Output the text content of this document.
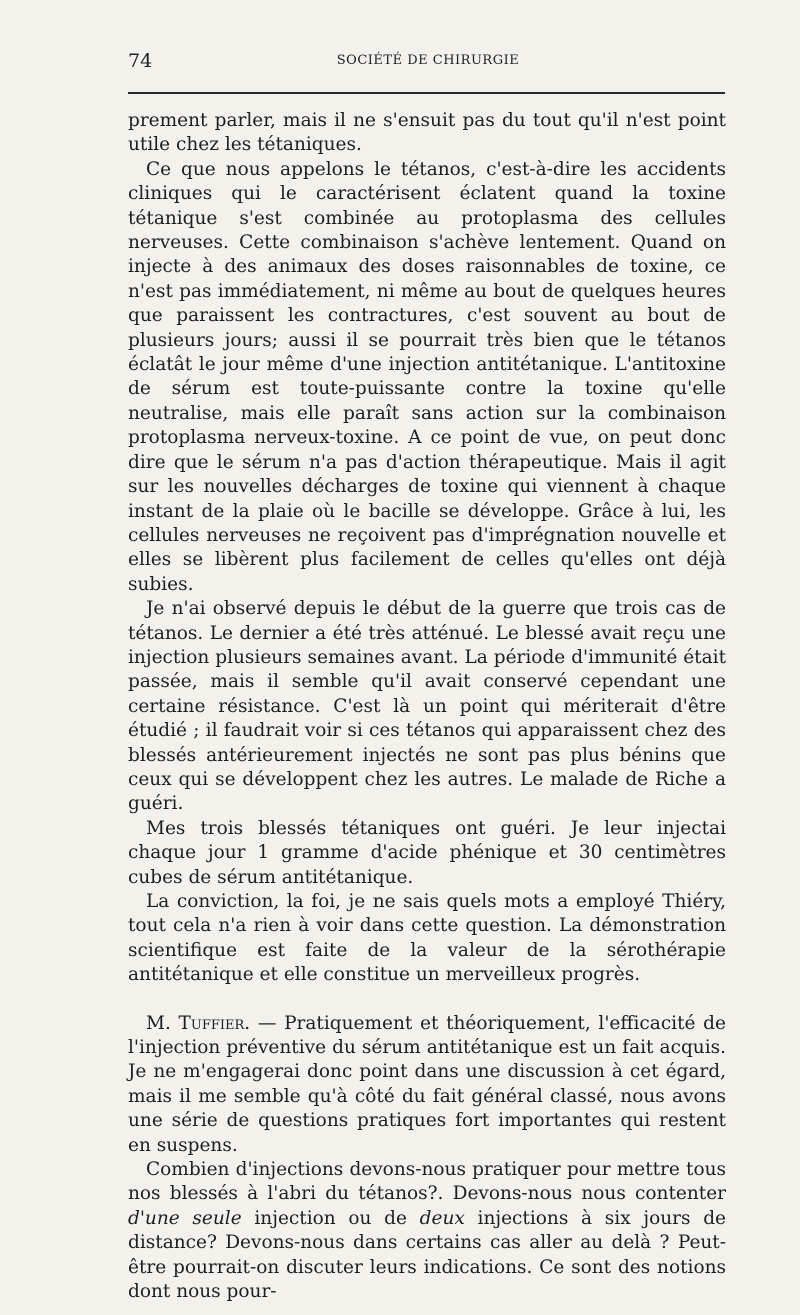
74	SOCIÉTÉ DE CHIRURGIE

prement parler, mais il ne s'ensuit pas du tout qu'il n'est point utile chez les tétaniques.

Ce que nous appelons le tétanos, c'est-à-dire les accidents cliniques qui le caractérisent éclatent quand la toxine tétanique s'est combinée au protoplasma des cellules nerveuses. Cette combinaison s'achève lentement. Quand on injecte à des animaux des doses raisonnables de toxine, ce n'est pas immédiatement, ni même au bout de quelques heures que paraissent les contractures, c'est souvent au bout de plusieurs jours; aussi il se pourrait très bien que le tétanos éclatât le jour même d'une injection antitétanique. L'antitoxine de sérum est toute-puissante contre la toxine qu'elle neutralise, mais elle paraît sans action sur la combinaison protoplasma nerveux-toxine. A ce point de vue, on peut donc dire que le sérum n'a pas d'action thérapeutique. Mais il agit sur les nouvelles décharges de toxine qui viennent à chaque instant de la plaie où le bacille se développe. Grâce à lui, les cellules nerveuses ne reçoivent pas d'imprégnation nouvelle et elles se libèrent plus facilement de celles qu'elles ont déjà subies.

Je n'ai observé depuis le début de la guerre que trois cas de tétanos. Le dernier a été très atténué. Le blessé avait reçu une injection plusieurs semaines avant. La période d'immunité était passée, mais il semble qu'il avait conservé cependant une certaine résistance. C'est là un point qui mériterait d'être étudié ; il faudrait voir si ces tétanos qui apparaissent chez des blessés antérieurement injectés ne sont pas plus bénins que ceux qui se développent chez les autres. Le malade de Riche a guéri.

Mes trois blessés tétaniques ont guéri. Je leur injectai chaque jour 1 gramme d'acide phénique et 30 centimètres cubes de sérum antitétanique.

La conviction, la foi, je ne sais quels mots a employé Thiéry, tout cela n'a rien à voir dans cette question. La démonstration scientifique est faite de la valeur de la sérothérapie antitétanique et elle constitue un merveilleux progrès.

M. Tuffier. — Pratiquement et théoriquement, l'efficacité de l'injection préventive du sérum antitétanique est un fait acquis. Je ne m'engagerai donc point dans une discussion à cet égard, mais il me semble qu'à côté du fait général classé, nous avons une série de questions pratiques fort importantes qui restent en suspens.

Combien d'injections devons-nous pratiquer pour mettre tous nos blessés à l'abri du tétanos?. Devons-nous nous contenter d'une seule injection ou de deux injections à six jours de distance? Devons-nous dans certains cas aller au delà ? Peut-être pourrait-on discuter leurs indications. Ce sont des notions dont nous pour-
